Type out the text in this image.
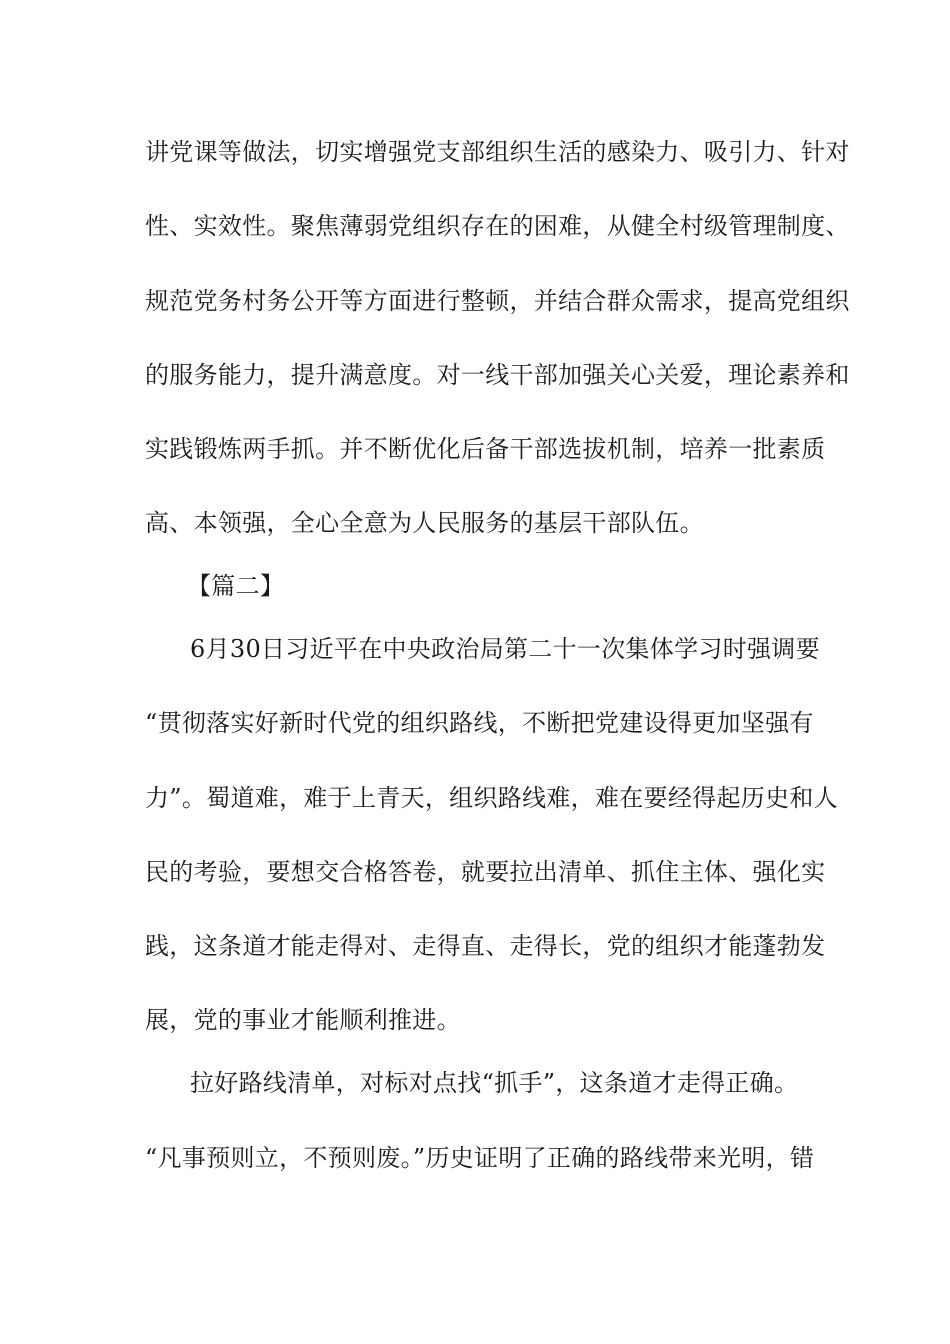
讲党课等做法，切实增强党支部组织生活的感染力、吸引力、针对
性、实效性。聚焦薄弱党组织存在的困难，从健全村级管理制度、
规范党务村务公开等方面进行整顿，并结合群众需求，提高党组织
的服务能力，提升满意度。对一线干部加强关心关爱，理论素养和
实践锻炼两手抓。并不断优化后备干部选拔机制，培养一批素质
高、本领强，全心全意为人民服务的基层干部队伍。
【篇二】
6月30日习近平在中央政治局第二十一次集体学习时强调要
“贯彻落实好新时代党的组织路线，不断把党建设得更加坚强有
力”。蜀道难，难于上青天，组织路线难，难在要经得起历史和人
民的考验，要想交合格答卷，就要拉出清单、抓住主体、强化实
践，这条道才能走得对、走得直、走得长，党的组织才能蓬勃发
展，党的事业才能顺利推进。
拉好路线清单，对标对点找“抓手”，这条道才走得正确。
“凡事预则立，不预则废。”历史证明了正确的路线带来光明，错
